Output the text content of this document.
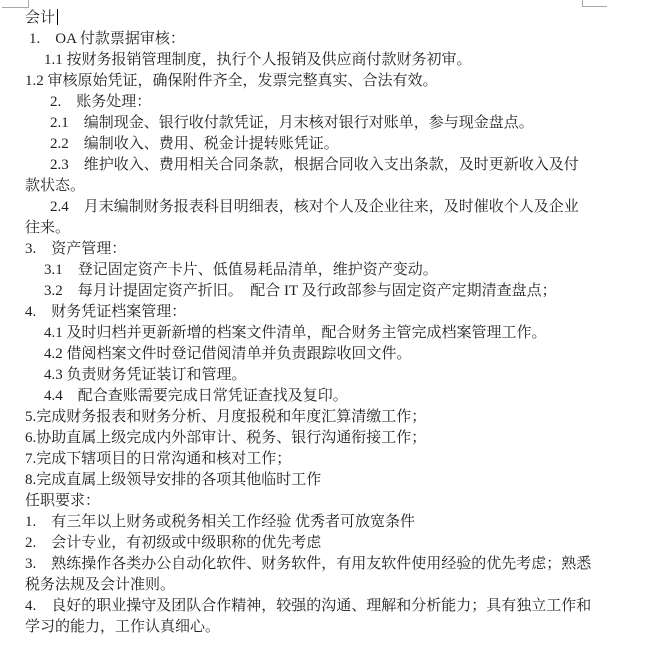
会计
1.　OA 付款票据审核：
1.1 按财务报销管理制度，执行个人报销及供应商付款财务初审。
1.2 审核原始凭证，确保附件齐全，发票完整真实、合法有效。
2.　账务处理：
2.1　编制现金、银行收付款凭证，月末核对银行对账单，参与现金盘点。
2.2　编制收入、费用、税金计提转账凭证。
2.3　维护收入、费用相关合同条款，根据合同收入支出条款，及时更新收入及付
款状态。
2.4　月末编制财务报表科目明细表，核对个人及企业往来，及时催收个人及企业
往来。
3.　资产管理：
3.1　登记固定资产卡片、低值易耗品清单，维护资产变动。
3.2　每月计提固定资产折旧。　配合 IT 及行政部参与固定资产定期清查盘点；
4.　财务凭证档案管理：
4.1 及时归档并更新新增的档案文件清单，配合财务主管完成档案管理工作。
4.2 借阅档案文件时登记借阅清单并负责跟踪收回文件。
4.3 负责财务凭证装订和管理。
4.4　配合查账需要完成日常凭证查找及复印。
5.完成财务报表和财务分析、月度报税和年度汇算清缴工作；
6.协助直属上级完成内外部审计、税务、银行沟通衔接工作；
7.完成下辖项目的日常沟通和核对工作；
8.完成直属上级领导安排的各项其他临时工作
任职要求：
1.　有三年以上财务或税务相关工作经验 优秀者可放宽条件
2.　会计专业，有初级或中级职称的优先考虑
3.　熟练操作各类办公自动化软件、财务软件，有用友软件使用经验的优先考虑；熟悉
税务法规及会计准则。
4.　良好的职业操守及团队合作精神，较强的沟通、理解和分析能力；具有独立工作和
学习的能力，工作认真细心。
